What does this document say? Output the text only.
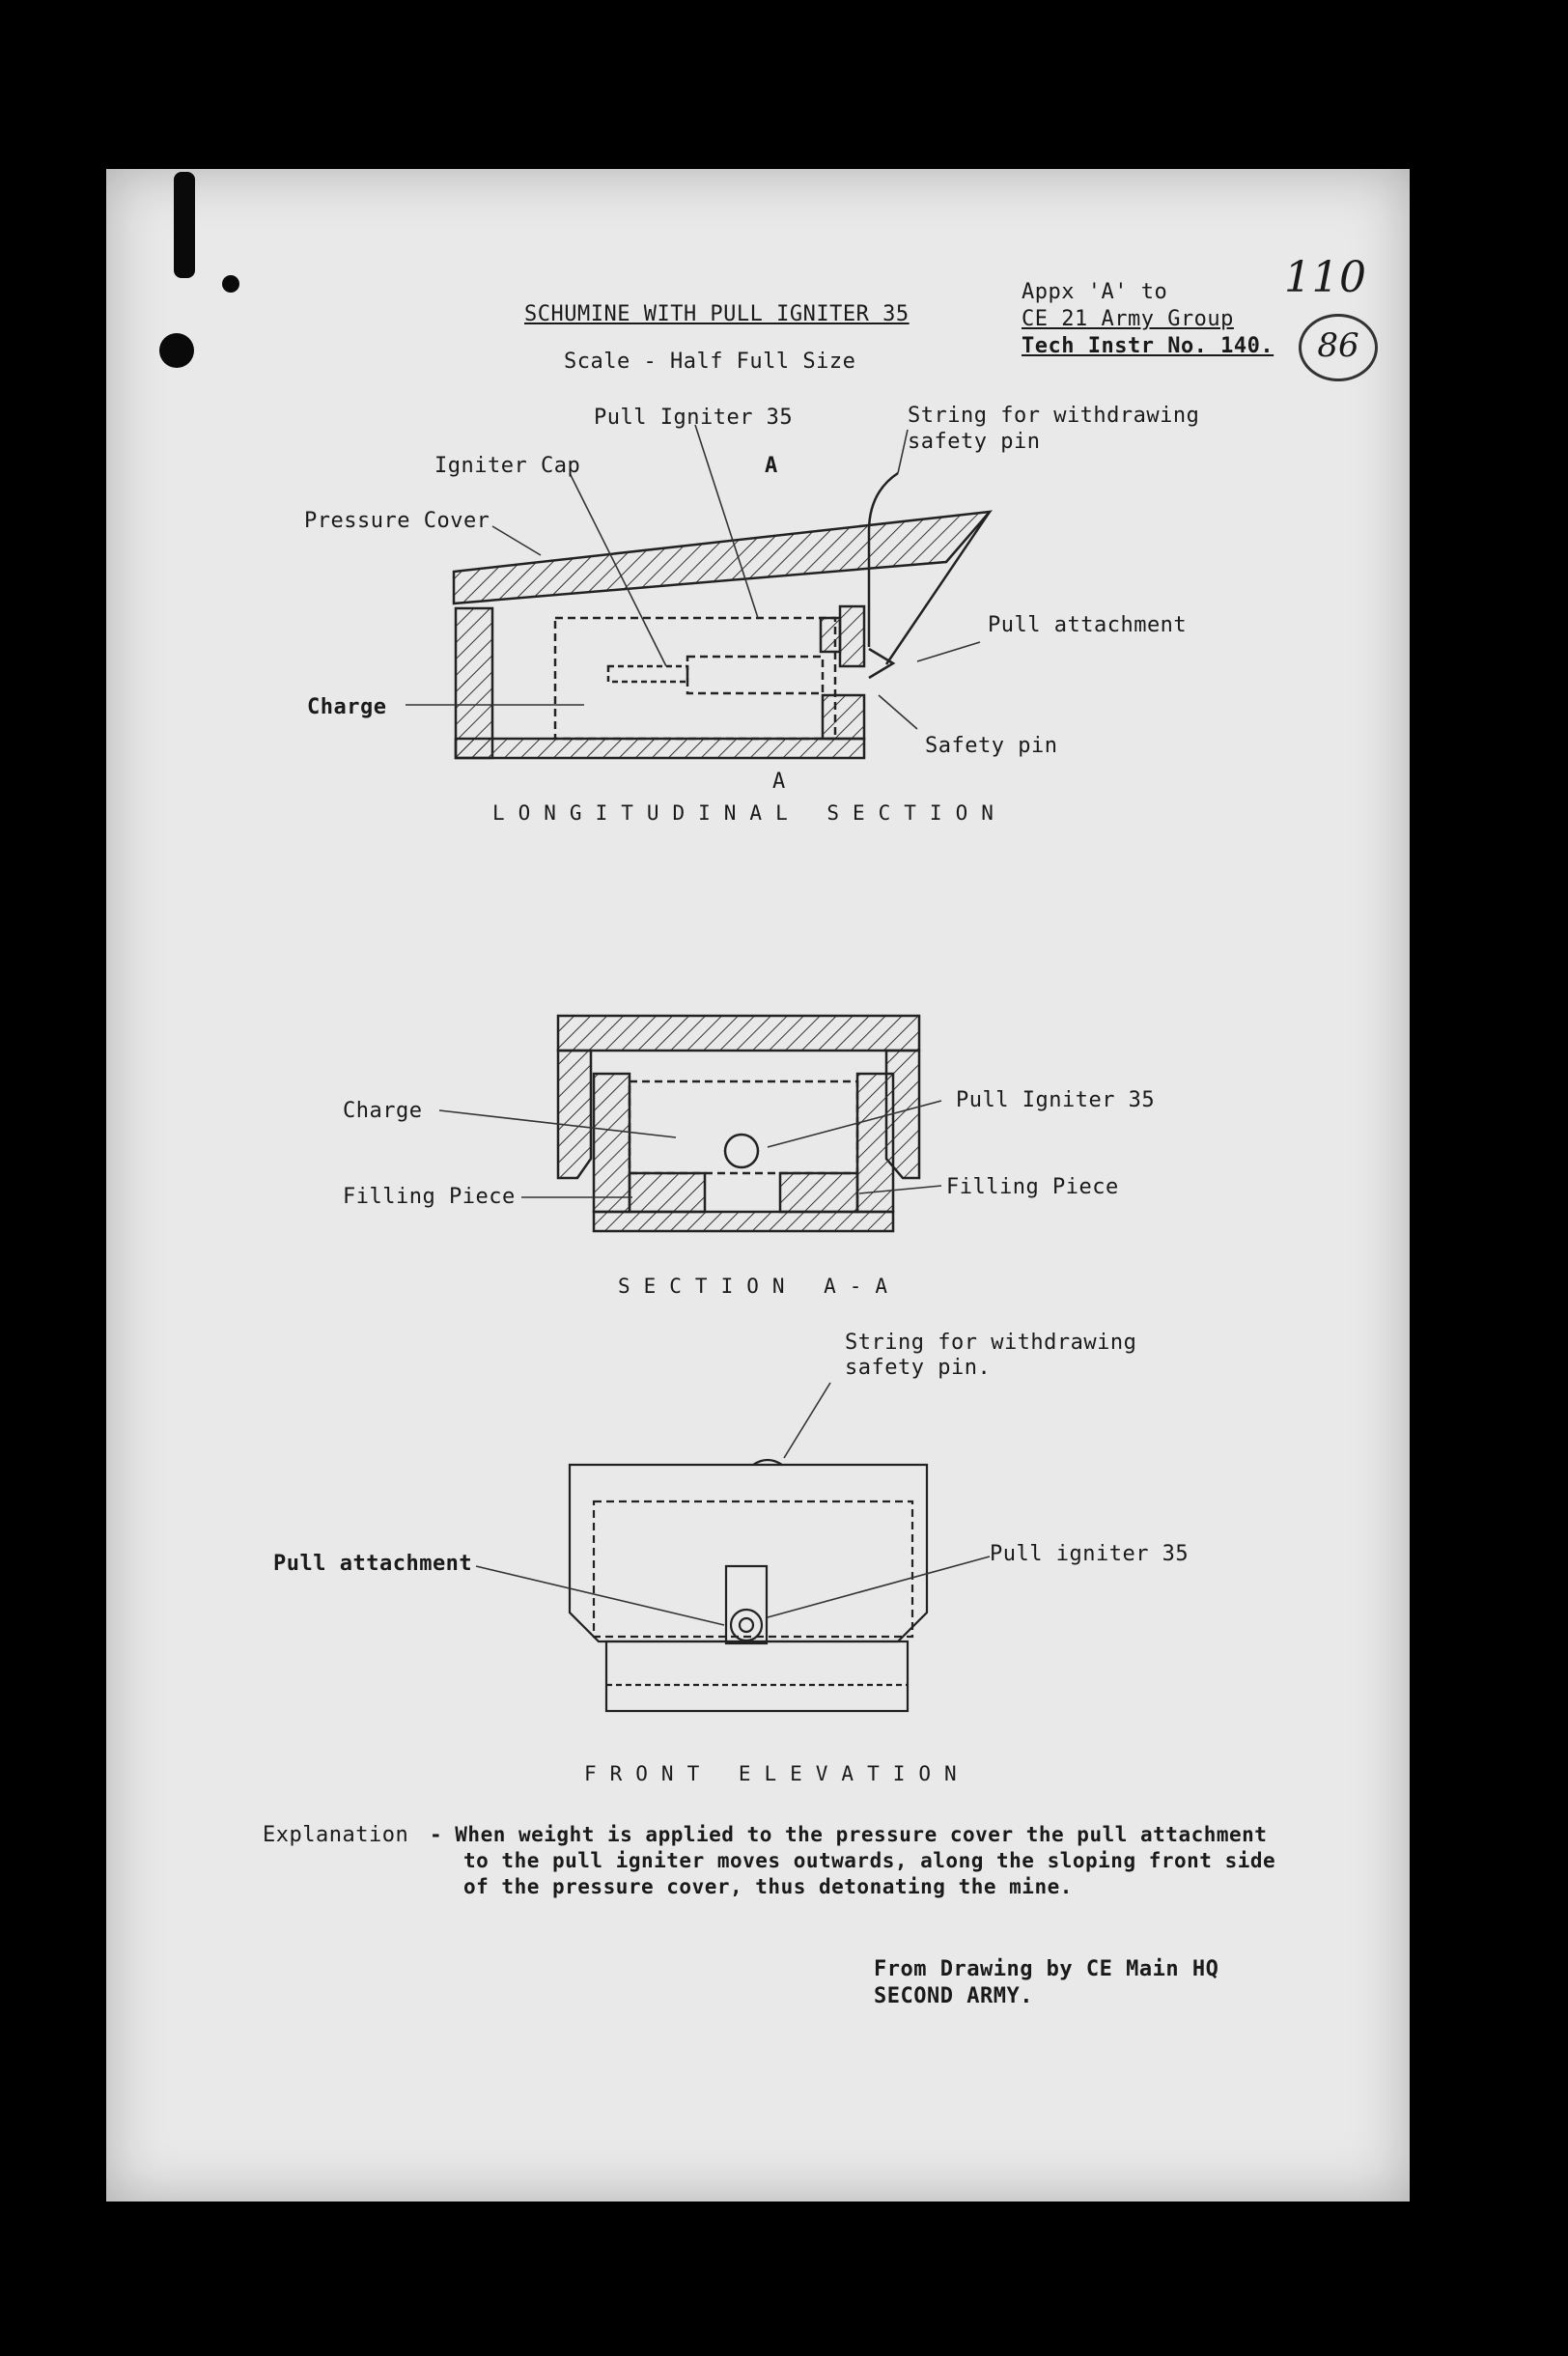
SCHUMINE WITH PULL IGNITER 35
Scale - Half Full Size
Appx 'A' to
CE 21 Army Group
Tech Instr No. 140.
110
86
Pull Igniter 35	String for withdrawing
safety pin
Igniter Cap	A
Pressure Cover
Pull attachment
Charge
Safety pin
A
LONGITUDINAL SECTION
Charge	Pull Igniter 35
Filling Piece	Filling Piece
SECTION A-A
String for withdrawing
safety pin.
Pull attachment	Pull igniter 35
FRONT ELEVATION
Explanation - When weight is applied to the pressure cover the pull attachment
to the pull igniter moves outwards, along the sloping front side
of the pressure cover, thus detonating the mine.
From Drawing by CE Main HQ
SECOND ARMY.
